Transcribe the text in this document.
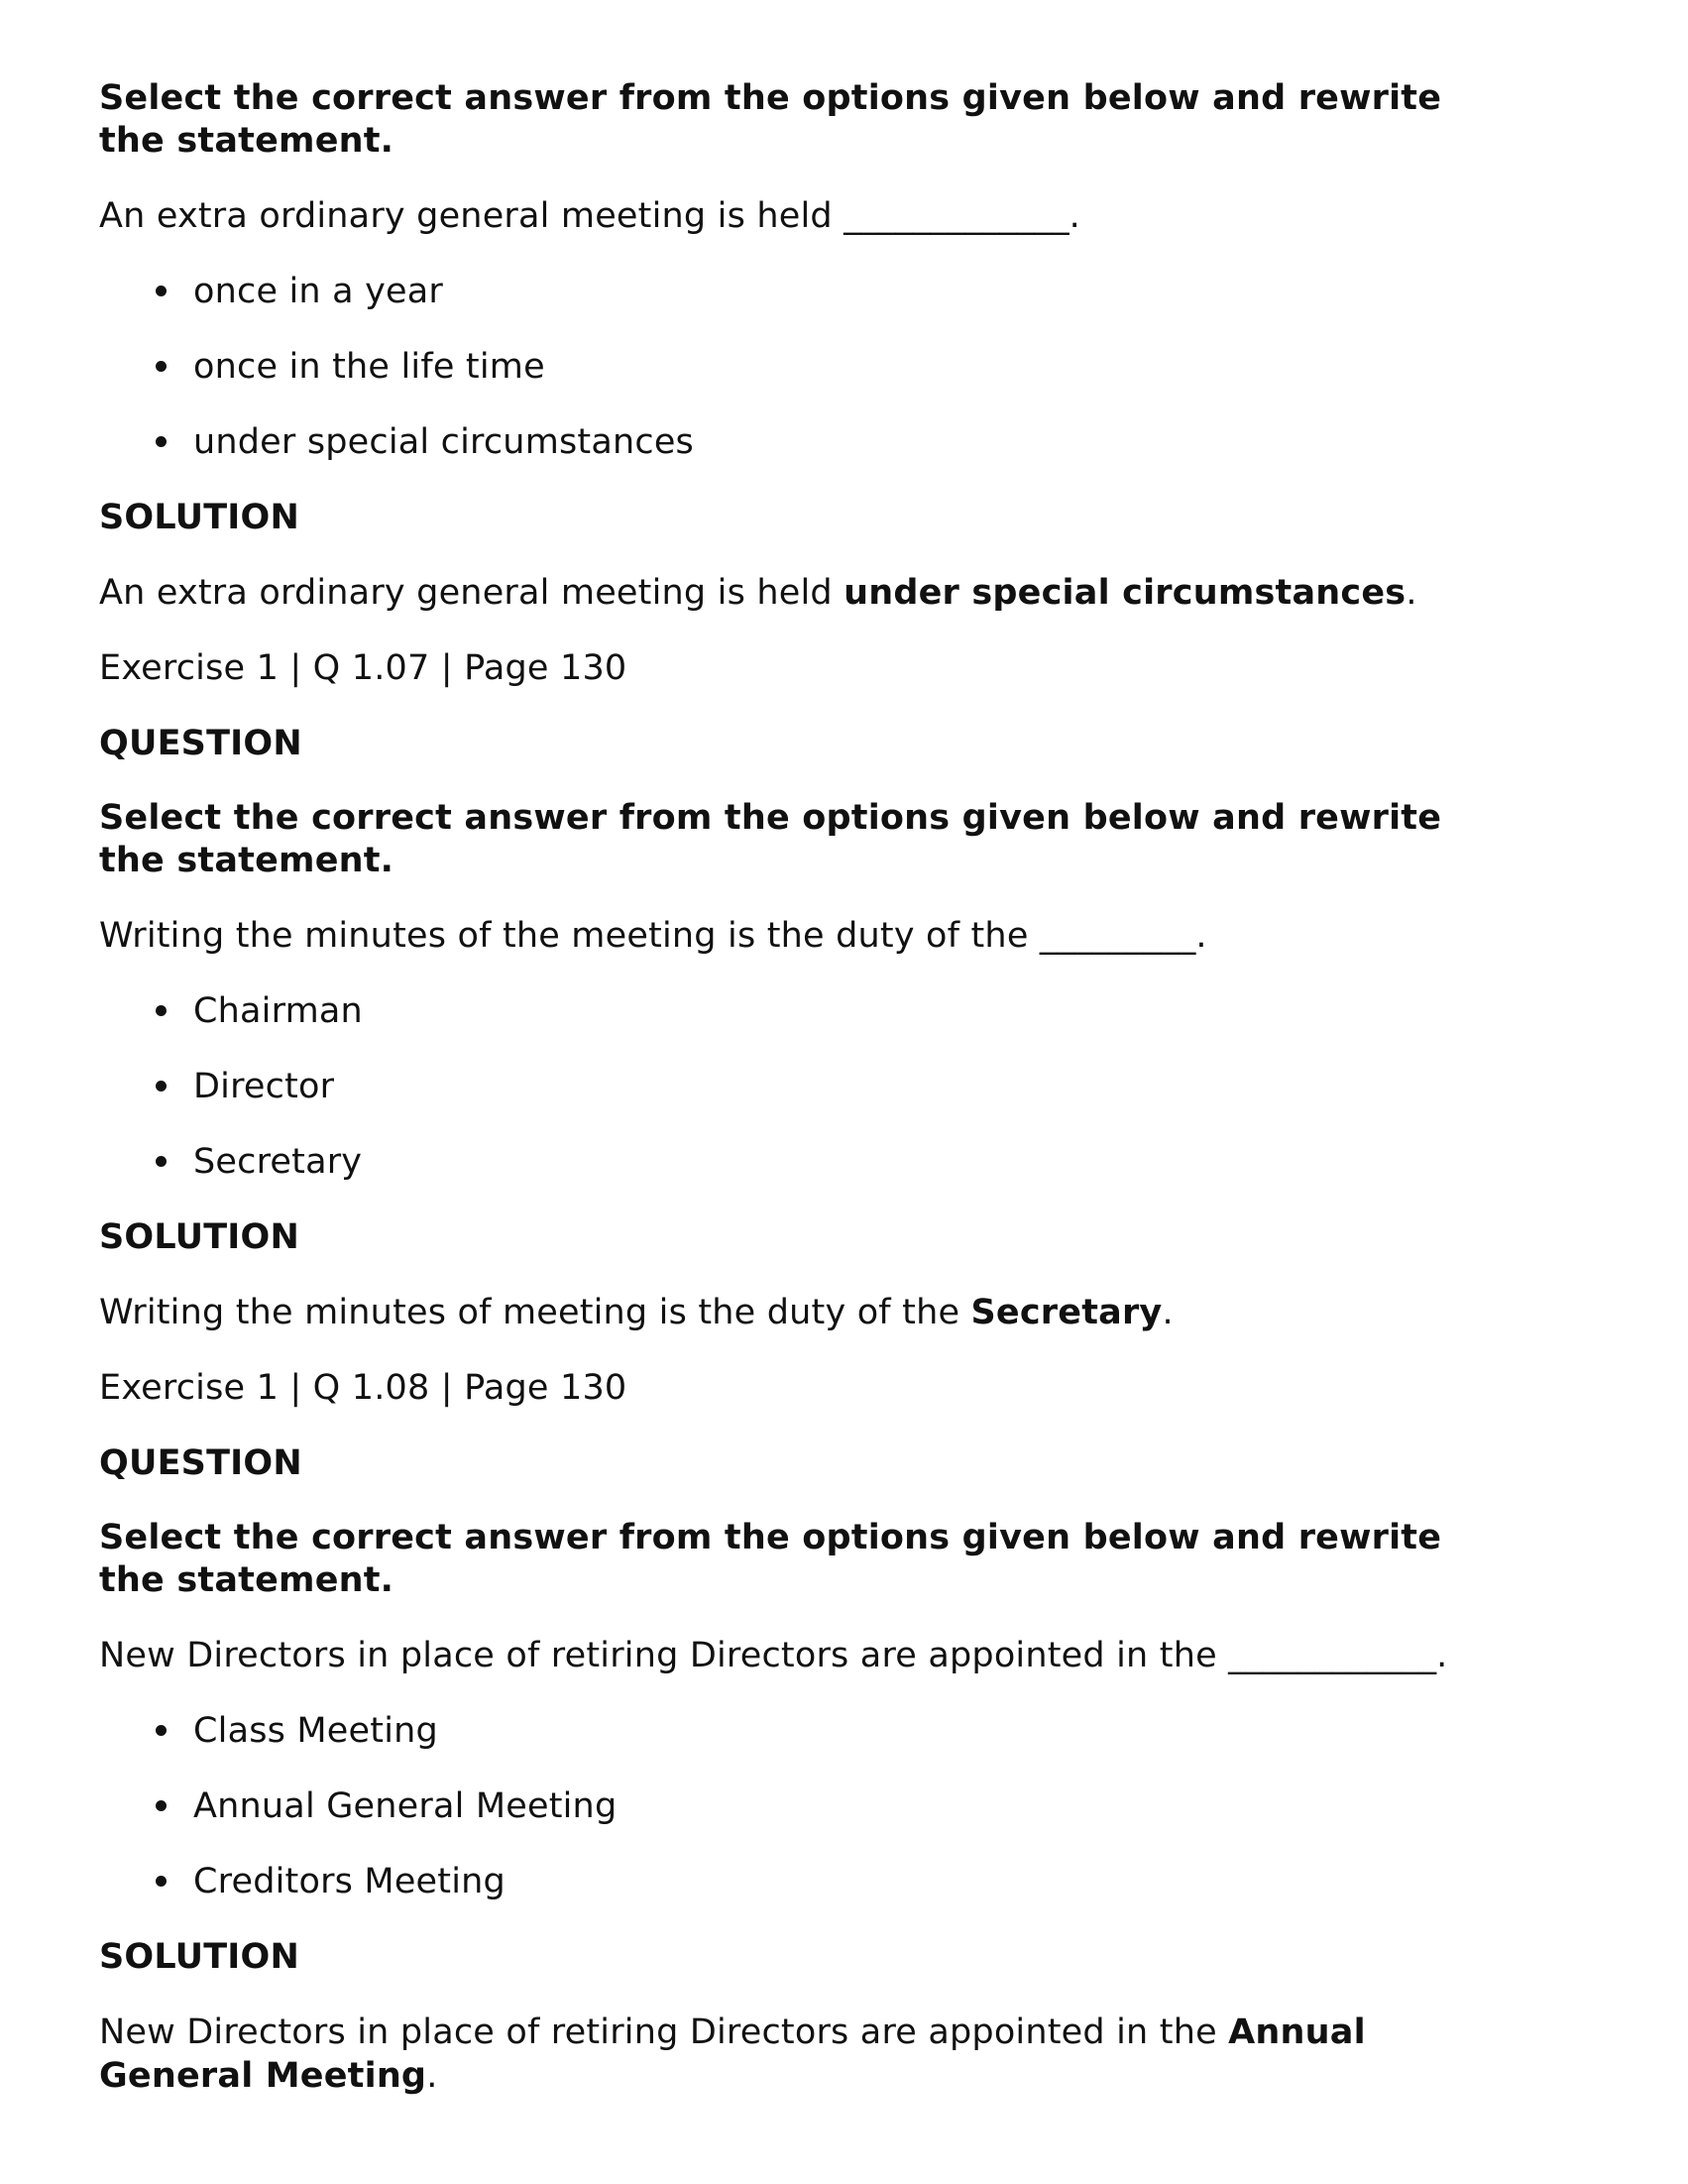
Select the correct answer from the options given below and rewrite the statement.

An extra ordinary general meeting is held _____________.

once in a year
once in the life time
under special circumstances

SOLUTION

An extra ordinary general meeting is held under special circumstances.

Exercise 1 | Q 1.07 | Page 130

QUESTION

Select the correct answer from the options given below and rewrite the statement.

Writing the minutes of the meeting is the duty of the _________.

Chairman
Director
Secretary

SOLUTION

Writing the minutes of meeting is the duty of the Secretary.

Exercise 1 | Q 1.08 | Page 130

QUESTION

Select the correct answer from the options given below and rewrite the statement.

New Directors in place of retiring Directors are appointed in the ____________.

Class Meeting
Annual General Meeting
Creditors Meeting

SOLUTION

New Directors in place of retiring Directors are appointed in the Annual General Meeting.
